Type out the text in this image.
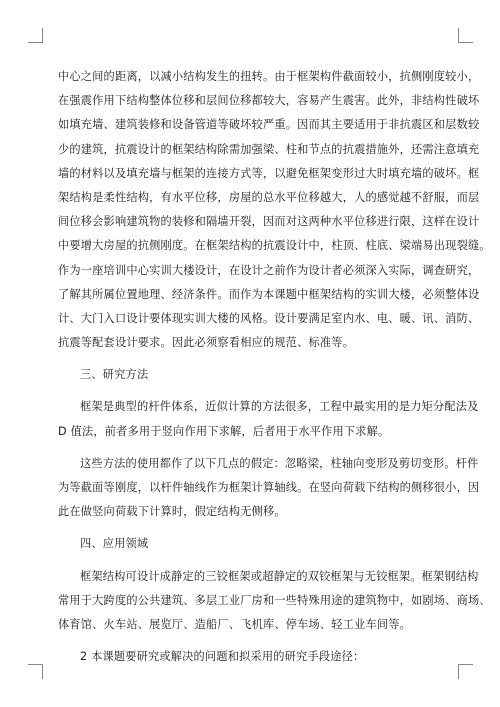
中心之间的距离，以减小结构发生的扭转。由于框架构件截面较小，抗侧刚度较小，
在强震作用下结构整体位移和层间位移都较大，容易产生震害。此外，非结构性破坏
如填充墙、建筑装修和设备管道等破坏较严重。因而其主要适用于非抗震区和层数较
少的建筑，抗震设计的框架结构除需加强梁、柱和节点的抗震措施外，还需注意填充
墙的材料以及填充墙与框架的连接方式等，以避免框架变形过大时填充墙的破坏。框
架结构是柔性结构，有水平位移，房屋的总水平位移越大，人的感觉越不舒服，而层
间位移会影响建筑物的装修和隔墙开裂，因而对这两种水平位移进行限，这样在设计
中要增大房屋的抗侧刚度。在框架结构的抗震设计中，柱顶、柱底、梁端易出现裂缝。
作为一座培训中心实训大楼设计，在设计之前作为设计者必须深入实际，调查研究，
了解其所属位置地理、经济条件。而作为本课题中框架结构的实训大楼，必须整体设
计、大门入口设计要体现实训大楼的风格。设计要满足室内水、电、暖、讯、消防、
抗震等配套设计要求。因此必须察看相应的规范、标准等。
三、研究方法
框架是典型的杆件体系，近似计算的方法很多，工程中最实用的是力矩分配法及
D 值法，前者多用于竖向作用下求解，后者用于水平作用下求解。
这些方法的使用都作了以下几点的假定：忽略梁，柱轴向变形及剪切变形。杆件
为等截面等刚度，以杆件轴线作为框架计算轴线。在竖向荷载下结构的侧移很小，因
此在做竖向荷载下计算时，假定结构无侧移。
四、应用领域
框架结构可设计成静定的三铰框架或超静定的双铰框架与无铰框架。框架钢结构
常用于大跨度的公共建筑、多层工业厂房和一些特殊用途的建筑物中，如剧场、商场、
体育馆、火车站、展览厅、造船厂、飞机库、停车场、轻工业车间等。
2 本课题要研究或解决的问题和拟采用的研究手段途径：
